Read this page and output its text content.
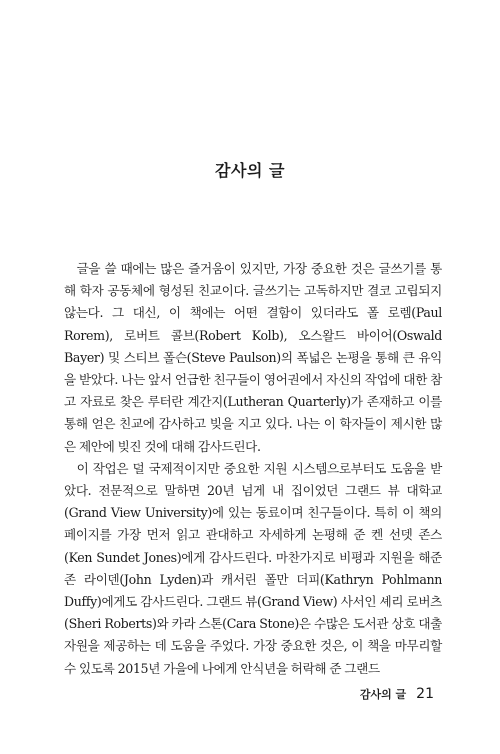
감사의 글

글을 쓸 때에는 많은 즐거움이 있지만, 가장 중요한 것은 글쓰기를 통해 학자 공동체에 형성된 친교이다. 글쓰기는 고독하지만 결코 고립되지 않는다. 그 대신, 이 책에는 어떤 결함이 있더라도 폴 로렘(Paul Rorem), 로버트 콜브(Robert Kolb), 오스왈드 바이어(Oswald Bayer) 및 스티브 폴슨(Steve Paulson)의 폭넓은 논평을 통해 큰 유익을 받았다. 나는 앞서 언급한 친구들이 영어권에서 자신의 작업에 대한 참고 자료로 찾은 루터란 계간지(Lutheran Quarterly)가 존재하고 이를 통해 얻은 친교에 감사하고 빚을 지고 있다. 나는 이 학자들이 제시한 많은 제안에 빚진 것에 대해 감사드린다.

이 작업은 덜 국제적이지만 중요한 지원 시스템으로부터도 도움을 받았다. 전문적으로 말하면 20년 넘게 내 집이었던 그랜드 뷰 대학교(Grand View University)에 있는 동료이며 친구들이다. 특히 이 책의 페이지를 가장 먼저 읽고 관대하고 자세하게 논평해 준 켄 선뎃 존스(Ken Sundet Jones)에게 감사드린다. 마찬가지로 비평과 지원을 해준 존 라이덴(John Lyden)과 캐서린 폴만 더피(Kathryn Pohlmann Duffy)에게도 감사드린다. 그랜드 뷰(Grand View) 사서인 셰리 로버츠(Sheri Roberts)와 카라 스톤(Cara Stone)은 수많은 도서관 상호 대출 자원을 제공하는 데 도움을 주었다. 가장 중요한 것은, 이 책을 마무리할 수 있도록 2015년 가을에 나에게 안식년을 허락해 준 그랜드

감사의 글 21
